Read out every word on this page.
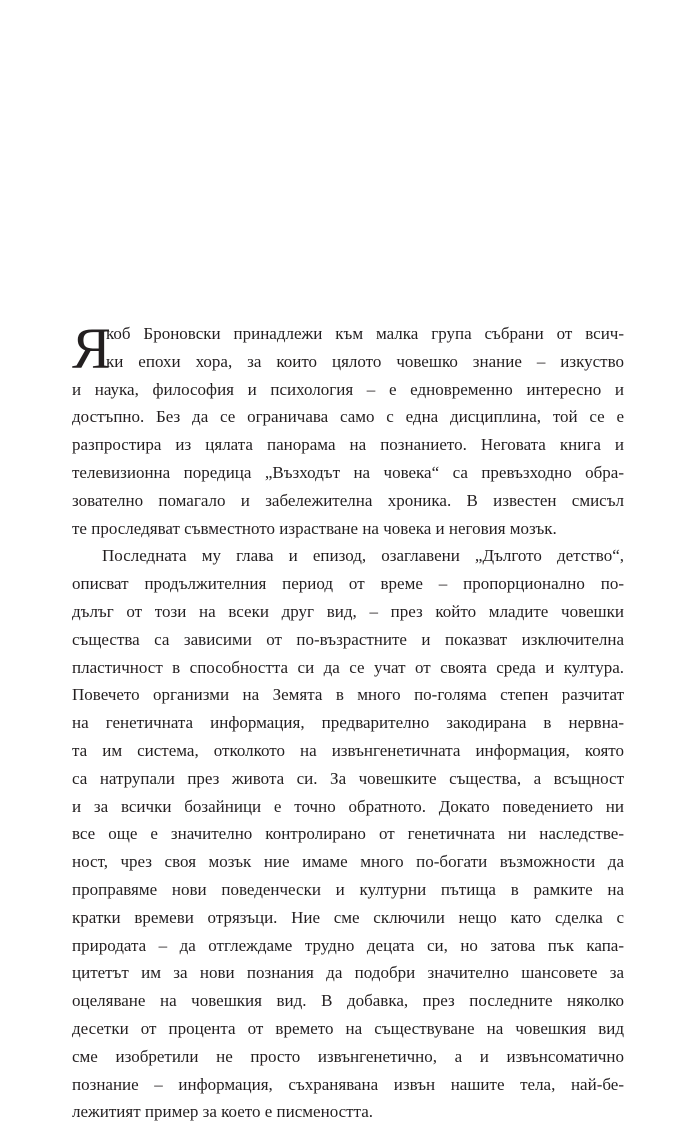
Я
коб Броновски принадлежи към малка група събрани от всич-
ки епохи хора, за които цялото човешко знание – изкуство
и наука, философия и психология – е едновременно интересно и
достъпно. Без да се ограничава само с една дисциплина, той се е
разпростира из цялата панорама на познанието. Неговата книга и
телевизионна поредица „Възходът на човека“ са превъзходно обра-
зователно помагало и забележителна хроника. В известен смисъл
те проследяват съвместното израстване на човека и неговия мозък.
Последната му глава и епизод, озаглавени „Дългото детство“,
описват продължителния период от време – пропорционално по-
дълъг от този на всеки друг вид, – през който младите човешки
същества са зависими от по-възрастните и показват изключителна
пластичност в способността си да се учат от своята среда и култура.
Повечето организми на Земята в много по-голяма степен разчитат
на генетичната информация, предварително закодирана в нервна-
та им система, отколкото на извънгенетичната информация, която
са натрупали през живота си. За човешките същества, а всъщност
и за всички бозайници е точно обратното. Докато поведението ни
все още е значително контролирано от генетичната ни наследстве-
ност, чрез своя мозък ние имаме много по-богати възможности да
проправяме нови поведенчески и културни пътища в рамките на
кратки времеви отрязъци. Ние сме сключили нещо като сделка с
природата – да отглеждаме трудно децата си, но затова пък капа-
цитетът им за нови познания да подобри значително шансовете за
оцеляване на човешкия вид. В добавка, през последните няколко
десетки от процента от времето на съществуване на човешкия вид
сме изобретили не просто извънгенетично, а и извънсоматично
познание – информация, съхранявана извън нашите тела, най-бе-
лежитият пример за което е писмеността.
